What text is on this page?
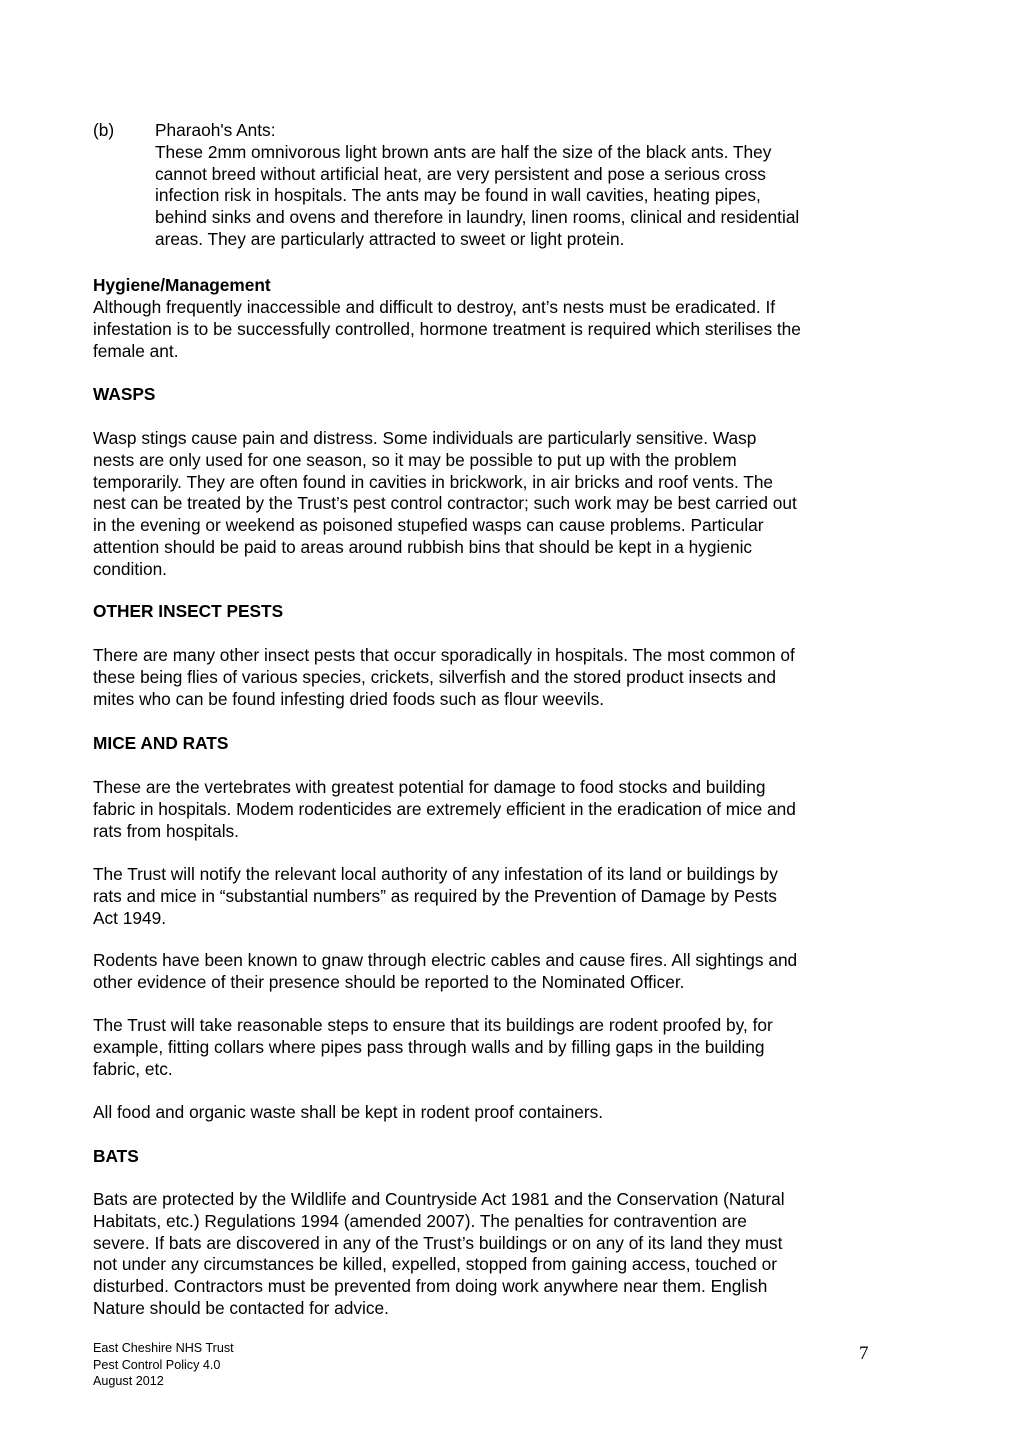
(b) Pharaoh's Ants:
These 2mm omnivorous light brown ants are half the size of the black ants. They
cannot breed without artificial heat, are very persistent and pose a serious cross
infection risk in hospitals. The ants may be found in wall cavities, heating pipes,
behind sinks and ovens and therefore in laundry, linen rooms, clinical and residential
areas. They are particularly attracted to sweet or light protein.
Hygiene/Management
Although frequently inaccessible and difficult to destroy, ant’s nests must be eradicated. If
infestation is to be successfully controlled, hormone treatment is required which sterilises the
female ant.
WASPS
Wasp stings cause pain and distress. Some individuals are particularly sensitive. Wasp
nests are only used for one season, so it may be possible to put up with the problem
temporarily. They are often found in cavities in brickwork, in air bricks and roof vents. The
nest can be treated by the Trust’s pest control contractor; such work may be best carried out
in the evening or weekend as poisoned stupefied wasps can cause problems. Particular
attention should be paid to areas around rubbish bins that should be kept in a hygienic
condition.
OTHER INSECT PESTS
There are many other insect pests that occur sporadically in hospitals. The most common of
these being flies of various species, crickets, silverfish and the stored product insects and
mites who can be found infesting dried foods such as flour weevils.
MICE AND RATS
These are the vertebrates with greatest potential for damage to food stocks and building
fabric in hospitals. Modem rodenticides are extremely efficient in the eradication of mice and
rats from hospitals.
The Trust will notify the relevant local authority of any infestation of its land or buildings by
rats and mice in “substantial numbers” as required by the Prevention of Damage by Pests
Act 1949.
Rodents have been known to gnaw through electric cables and cause fires. All sightings and
other evidence of their presence should be reported to the Nominated Officer.
The Trust will take reasonable steps to ensure that its buildings are rodent proofed by, for
example, fitting collars where pipes pass through walls and by filling gaps in the building
fabric, etc.
All food and organic waste shall be kept in rodent proof containers.
BATS
Bats are protected by the Wildlife and Countryside Act 1981 and the Conservation (Natural
Habitats, etc.) Regulations 1994 (amended 2007). The penalties for contravention are
severe. If bats are discovered in any of the Trust’s buildings or on any of its land they must
not under any circumstances be killed, expelled, stopped from gaining access, touched or
disturbed. Contractors must be prevented from doing work anywhere near them. English
Nature should be contacted for advice.
East Cheshire NHS Trust
Pest Control Policy 4.0
August 2012
7
